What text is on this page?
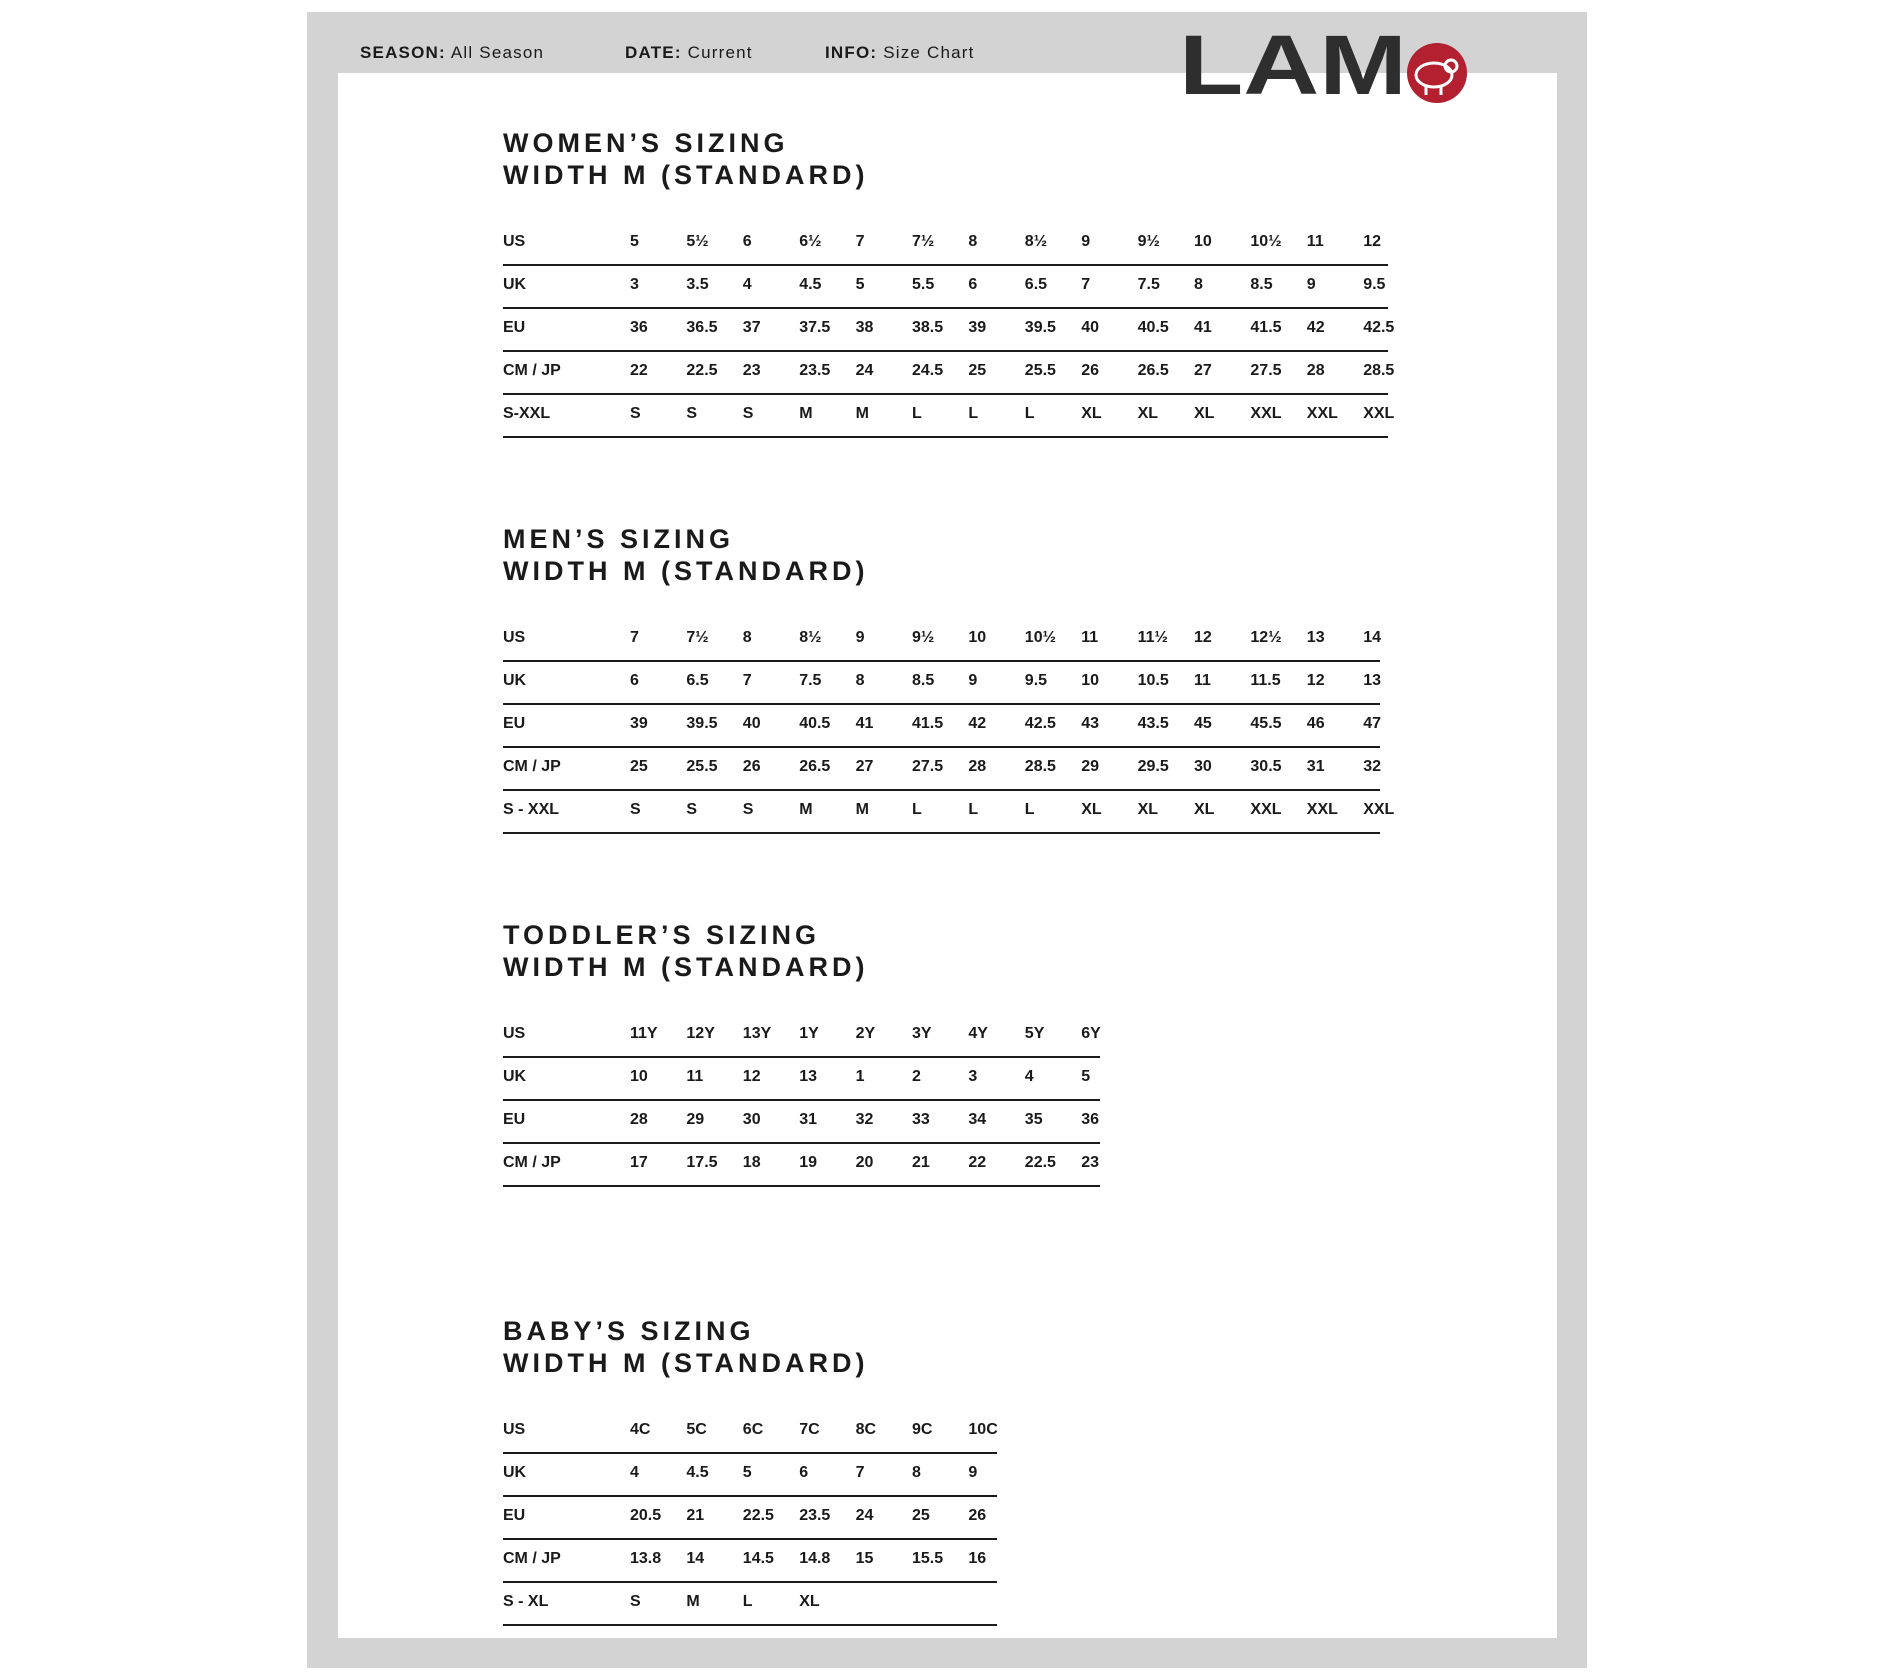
SEASON: All Season	DATE: Current	INFO: Size Chart LAM
WOMEN’S SIZING
WIDTH M (STANDARD)
US	5	5½ 6	6½ 7	7½ 8	8½ 9	9½ 10 10½ 11 12
UK	3	3.5 4	4.5 5	5.5 6	6.5 7	7.5 8	8.5 9	9.5
EU	36 36.5 37 37.5 38 38.5 39 39.5 40 40.5 41 41.5 42 42.5
CM / JP	22 22.5 23 23.5 24 24.5 25 25.5 26 26.5 27 27.5 28 28.5
S-XXL	S	S	S	M	M	L	L	L	XL XL XL XXL XXL XXL
MEN’S SIZING
WIDTH M (STANDARD)
US	7	7½ 8	8½ 9	9½ 10 10½ 11 11½ 12 12½ 13 14
UK	6	6.5 7	7.5 8	8.5 9	9.5 10 10.5 11 11.5 12 13
EU	39 39.5 40 40.5 41 41.5 42 42.5 43 43.5 45 45.5 46 47
CM / JP	25 25.5 26 26.5 27 27.5 28 28.5 29 29.5 30 30.5 31 32
S - XXL	S	S	S	M	M	L	L	L	XL XL XL XXL XXL XXL
TODDLER’S SIZING
WIDTH M (STANDARD)
US	11Y 12Y 13Y 1Y 2Y 3Y 4Y 5Y 6Y
UK	10 11 12 13 1	2	3	4	5
EU	28 29 30 31 32 33 34 35 36
CM / JP	17 17.5 18 19 20 21 22 22.5 23
BABY’S SIZING
WIDTH M (STANDARD)
US	4C 5C 6C 7C 8C 9C 10C
UK	4	4.5 5	6	7	8	9
EU	20.5 21 22.5 23.5 24 25 26
CM / JP	13.8 14 14.5 14.8 15 15.5 16
S - XL	S	M	L	XL
